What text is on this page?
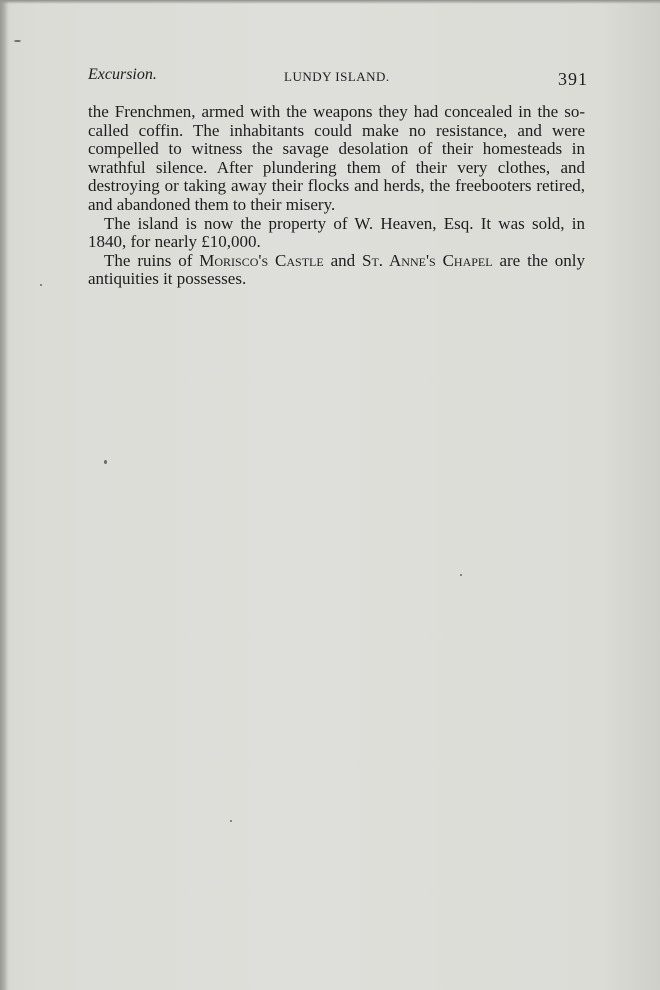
Excursion.	LUNDY ISLAND.	391

the Frenchmen, armed with the weapons they had concealed in the so-called coffin. The inhabitants could make no resistance, and were compelled to witness the savage desolation of their homesteads in wrathful silence. After plundering them of their very clothes, and destroying or taking away their flocks and herds, the freebooters retired, and abandoned them to their misery.

The island is now the property of W. Heaven, Esq. It was sold, in 1840, for nearly £10,000.

The ruins of Morisco's Castle and St. Anne's Chapel are the only antiquities it possesses.
